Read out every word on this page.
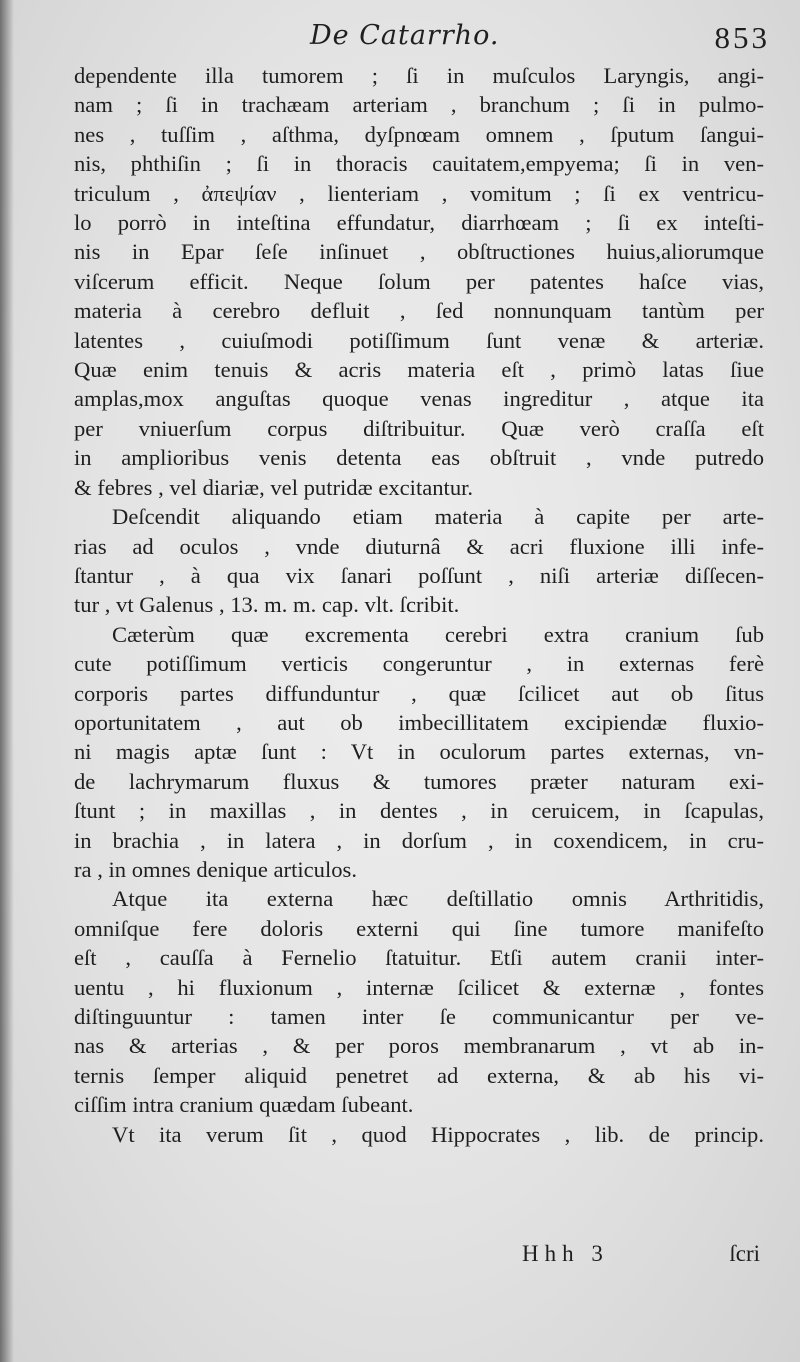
De Catarrho.	853
dependente illa tumorem ; ſi in muſculos Laryngis, angi-
nam ; ſi in trachæam arteriam , branchum ; ſi in pulmo-
nes , tuſſim , aſthma, dyſpnœam omnem , ſputum ſangui-
nis, phthiſin ; ſi in thoracis cauitatem,empyema; ſi in ven-
triculum , ἀπεψίαν , lienteriam , vomitum ; ſi ex ventricu-
lo porrò in inteſtina effundatur, diarrhœam ; ſi ex inteſti-
nis in Epar ſeſe inſinuet , obſtructiones huius,aliorumque
viſcerum efficit. Neque ſolum per patentes haſce vias,
materia à cerebro defluit , ſed nonnunquam tantùm per
latentes , cuiuſmodi potiſſimum ſunt venæ & arteriæ.
Quæ enim tenuis & acris materia eſt , primò latas ſiue
amplas,mox anguſtas quoque venas ingreditur , atque ita
per vniuerſum corpus diſtribuitur. Quæ verò craſſa eſt
in amplioribus venis detenta eas obſtruit , vnde putredo
& febres , vel diariæ, vel putridæ excitantur.
Deſcendit aliquando etiam materia à capite per arte-
rias ad oculos , vnde diuturnâ & acri fluxione illi infe-
ſtantur , à qua vix ſanari poſſunt , niſi arteriæ diſſecen-
tur , vt Galenus , 13. m. m. cap. vlt. ſcribit.
Cæterùm quæ excrementa cerebri extra cranium ſub
cute potiſſimum verticis congeruntur , in externas ferè
corporis partes diffunduntur , quæ ſcilicet aut ob ſitus
oportunitatem , aut ob imbecillitatem excipiendæ fluxio-
ni magis aptæ ſunt : Vt in oculorum partes externas, vn-
de lachrymarum fluxus & tumores præter naturam exi-
ſtunt ; in maxillas , in dentes , in ceruicem, in ſcapulas,
in brachia , in latera , in dorſum , in coxendicem, in cru-
ra , in omnes denique articulos.
Atque ita externa hæc deſtillatio omnis Arthritidis,
omniſque fere doloris externi qui ſine tumore manifeſto
eſt , cauſſa à Fernelio ſtatuitur. Etſi autem cranii inter-
uentu , hi fluxionum , internæ ſcilicet & externæ , fontes
diſtinguuntur : tamen inter ſe communicantur per ve-
nas & arterias , & per poros membranarum , vt ab in-
ternis ſemper aliquid penetret ad externa, & ab his vi-
ciſſim intra cranium quædam ſubeant.
Vt ita verum ſit , quod Hippocrates , lib. de princip.
Hhh 3	ſcri
